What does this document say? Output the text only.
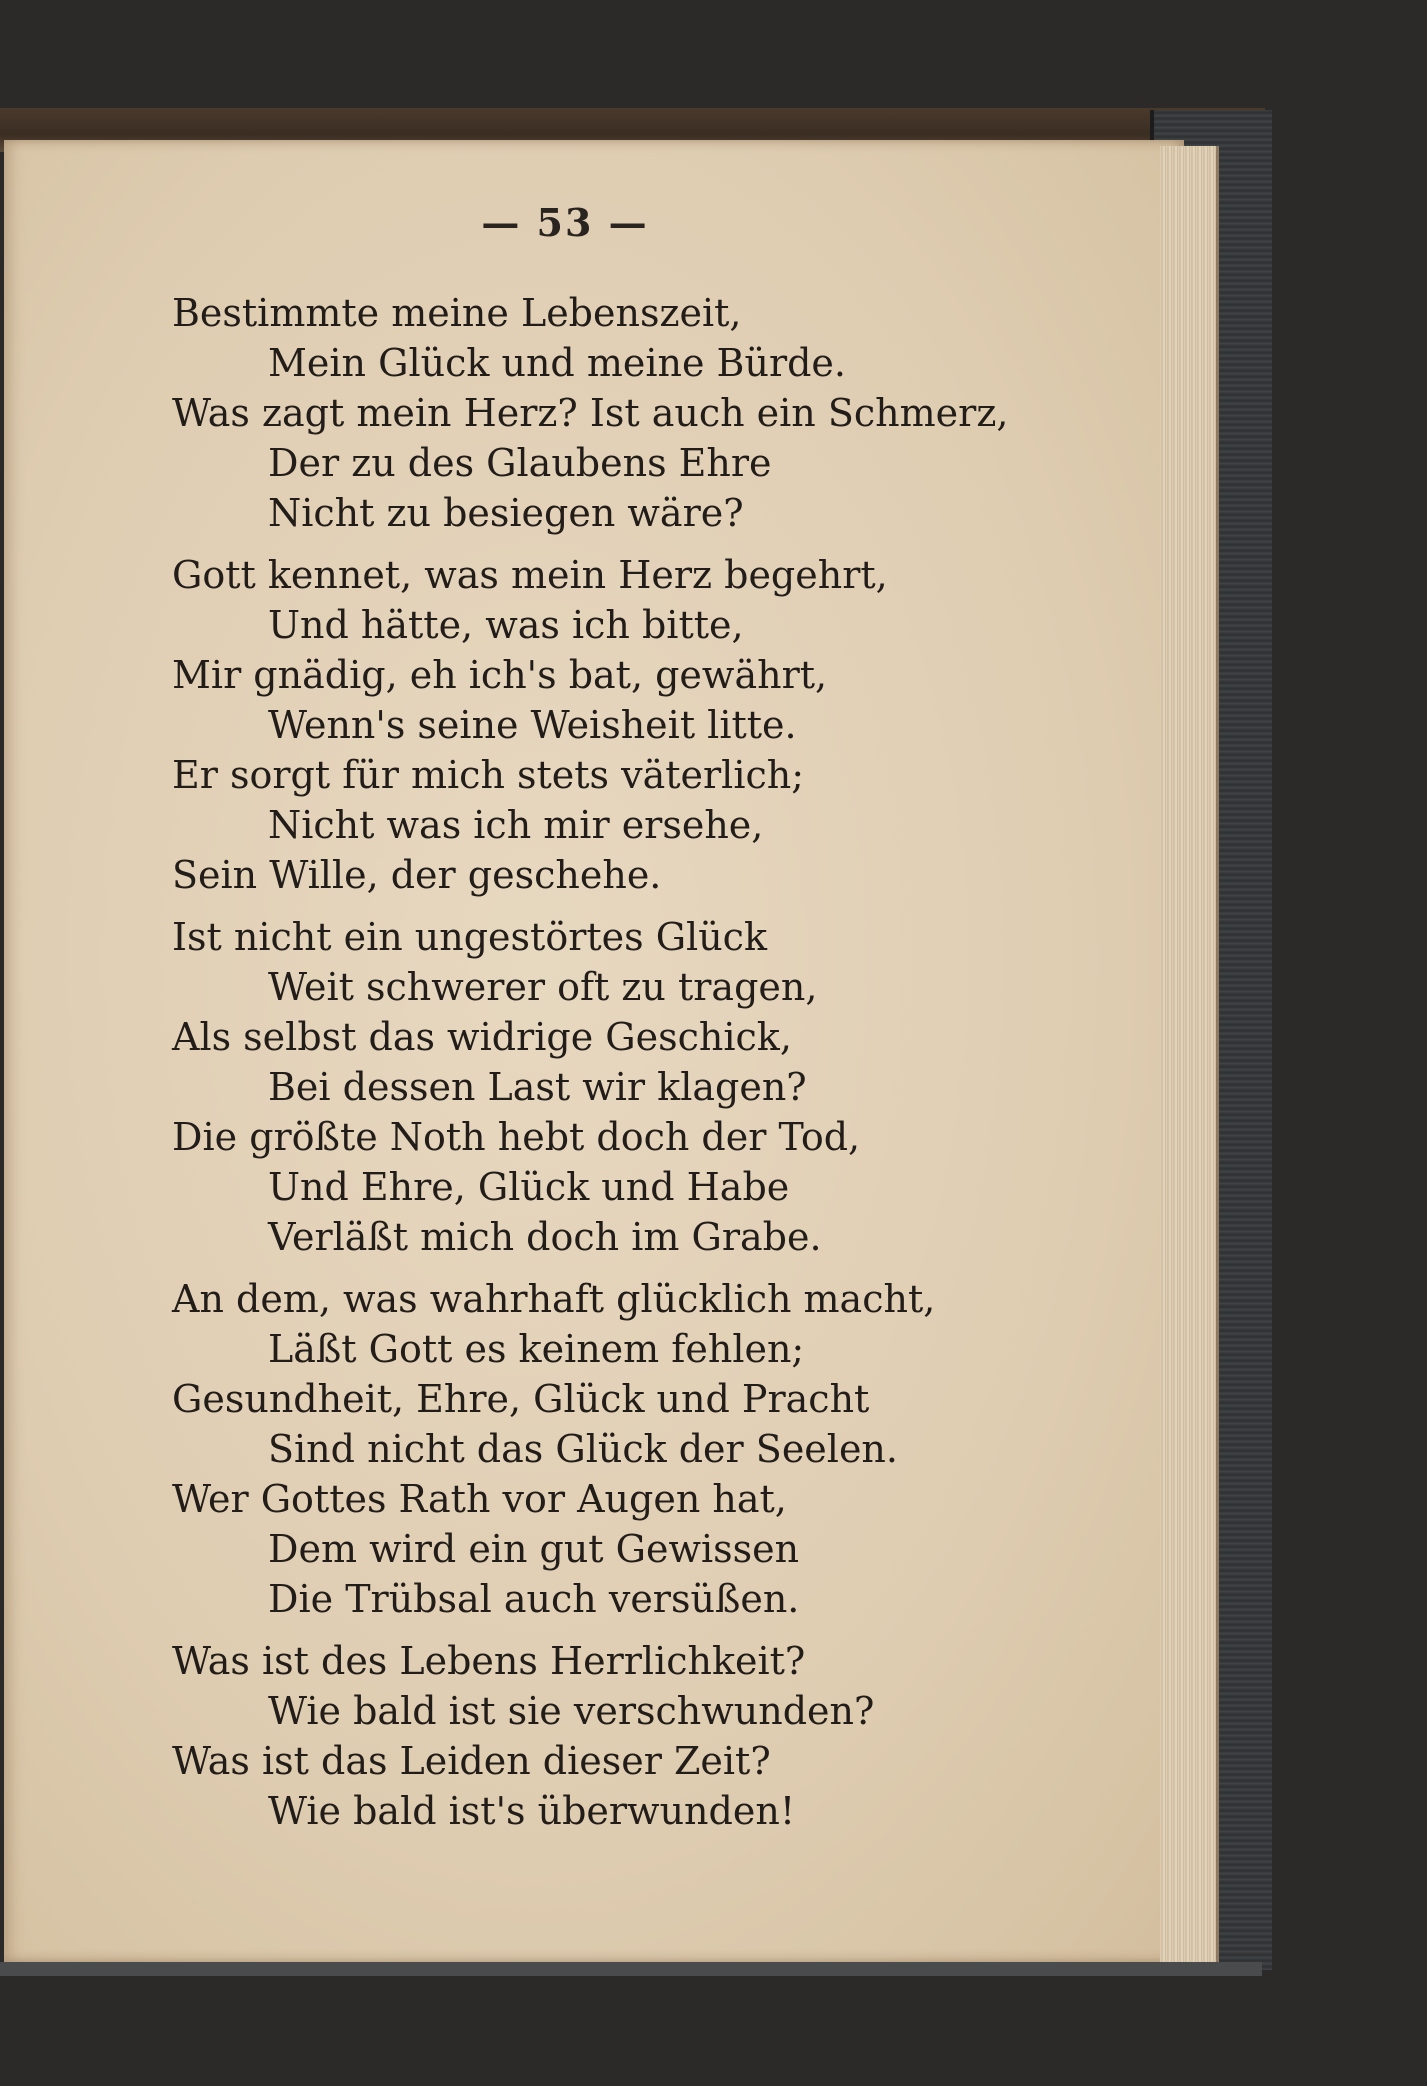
— 53 —
Bestimmte meine Lebenszeit,
Mein Glück und meine Bürde.
Was zagt mein Herz? Ist auch ein Schmerz,
Der zu des Glaubens Ehre
Nicht zu besiegen wäre?
Gott kennet, was mein Herz begehrt,
Und hätte, was ich bitte,
Mir gnädig, eh ich's bat, gewährt,
Wenn's seine Weisheit litte.
Er sorgt für mich stets väterlich;
Nicht was ich mir ersehe,
Sein Wille, der geschehe.
Ist nicht ein ungestörtes Glück
Weit schwerer oft zu tragen,
Als selbst das widrige Geschick,
Bei dessen Last wir klagen?
Die größte Noth hebt doch der Tod,
Und Ehre, Glück und Habe
Verläßt mich doch im Grabe.
An dem, was wahrhaft glücklich macht,
Läßt Gott es keinem fehlen;
Gesundheit, Ehre, Glück und Pracht
Sind nicht das Glück der Seelen.
Wer Gottes Rath vor Augen hat,
Dem wird ein gut Gewissen
Die Trübsal auch versüßen.
Was ist des Lebens Herrlichkeit?
Wie bald ist sie verschwunden?
Was ist das Leiden dieser Zeit?
Wie bald ist's überwunden!
